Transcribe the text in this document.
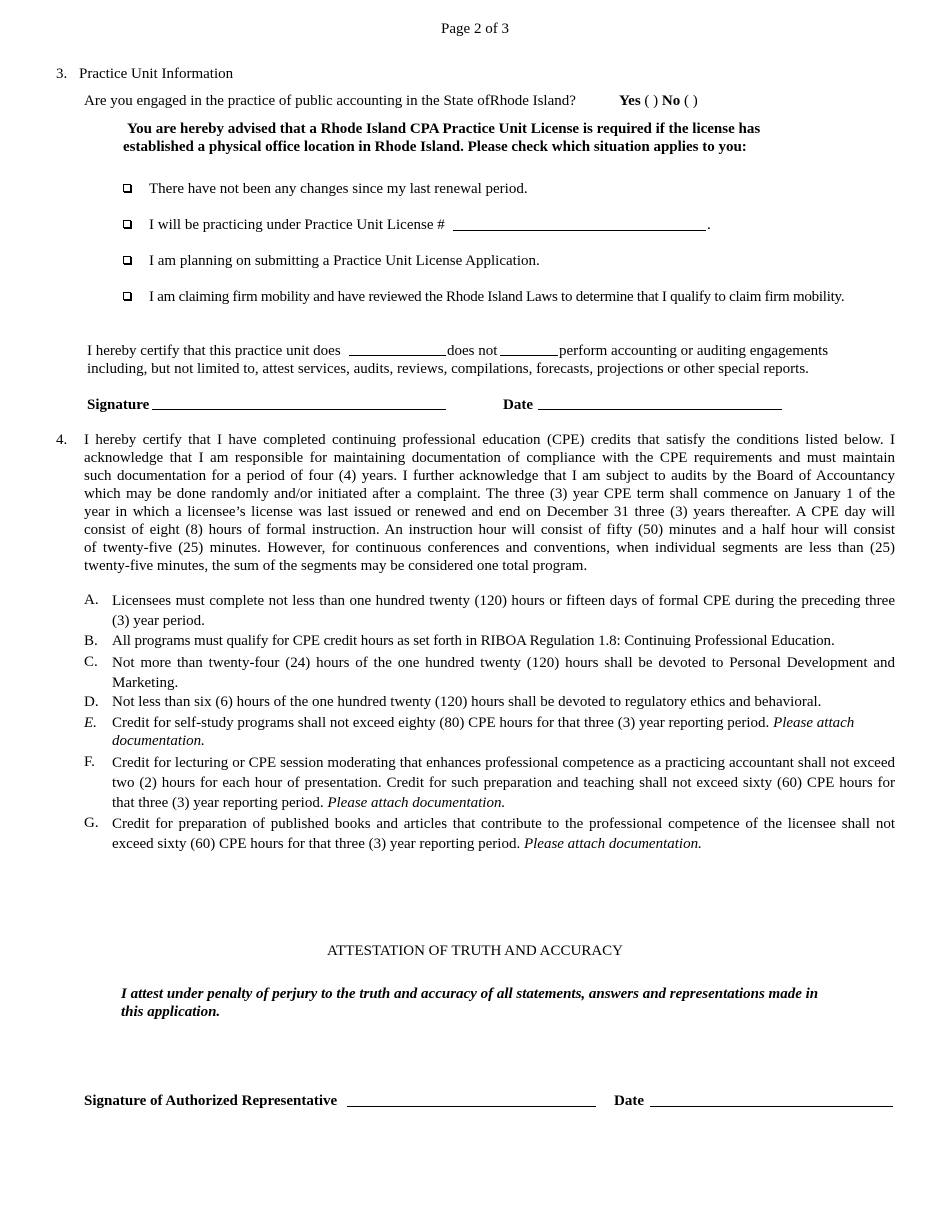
Page 2 of 3
3. Practice Unit Information
Are you engaged in the practice of public accounting in the State ofRhode Island?	Yes ( ) No ( )
You are hereby advised that a Rhode Island CPA Practice Unit License is required if the license has
established a physical office location in Rhode Island. Please check which situation applies to you:
There have not been any changes since my last renewal period.
I will be practicing under Practice Unit License #	.
I am planning on submitting a Practice Unit License Application.
I am claiming firm mobility and have reviewed the Rhode Island Laws to determine that I qualify to claim firm mobility.
I hereby certify that this practice unit does	does not	perform accounting or auditing engagements
including, but not limited to, attest services, audits, reviews, compilations, forecasts, projections or other special reports.
Signature	Date
4. I hereby certify that I have completed continuing professional education (CPE) credits that satisfy the conditions listed below. I
acknowledge that I am responsible for maintaining documentation of compliance with the CPE requirements and must maintain
such documentation for a period of four (4) years. I further acknowledge that I am subject to audits by the Board of Accountancy
which may be done randomly and/or initiated after a complaint. The three (3) year CPE term shall commence on January 1 of the
year in which a licensee’s license was last issued or renewed and end on December 31 three (3) years thereafter. A CPE day will
consist of eight (8) hours of formal instruction. An instruction hour will consist of fifty (50) minutes and a half hour will consist
of twenty-five (25) minutes. However, for continuous conferences and conventions, when individual segments are less than (25)
twenty-five minutes, the sum of the segments may be considered one total program.
A. Licensees must complete not less than one hundred twenty (120) hours or fifteen days of formal CPE during the preceding three (3) year period.
B. All programs must qualify for CPE credit hours as set forth in RIBOA Regulation 1.8: Continuing Professional Education.
C. Not more than twenty-four (24) hours of the one hundred twenty (120) hours shall be devoted to Personal Development and Marketing.
D. Not less than six (6) hours of the one hundred twenty (120) hours shall be devoted to regulatory ethics and behavioral.
E. Credit for self-study programs shall not exceed eighty (80) CPE hours for that three (3) year reporting period. Please attach documentation.
F. Credit for lecturing or CPE session moderating that enhances professional competence as a practicing accountant shall not exceed two (2) hours for each hour of presentation. Credit for such preparation and teaching shall not exceed sixty (60) CPE hours for that three (3) year reporting period. Please attach documentation.
G. Credit for preparation of published books and articles that contribute to the professional competence of the licensee shall not exceed sixty (60) CPE hours for that three (3) year reporting period. Please attach documentation.
ATTESTATION OF TRUTH AND ACCURACY
I attest under penalty of perjury to the truth and accuracy of all statements, answers and representations made in
this application.
Signature of Authorized Representative	Date
